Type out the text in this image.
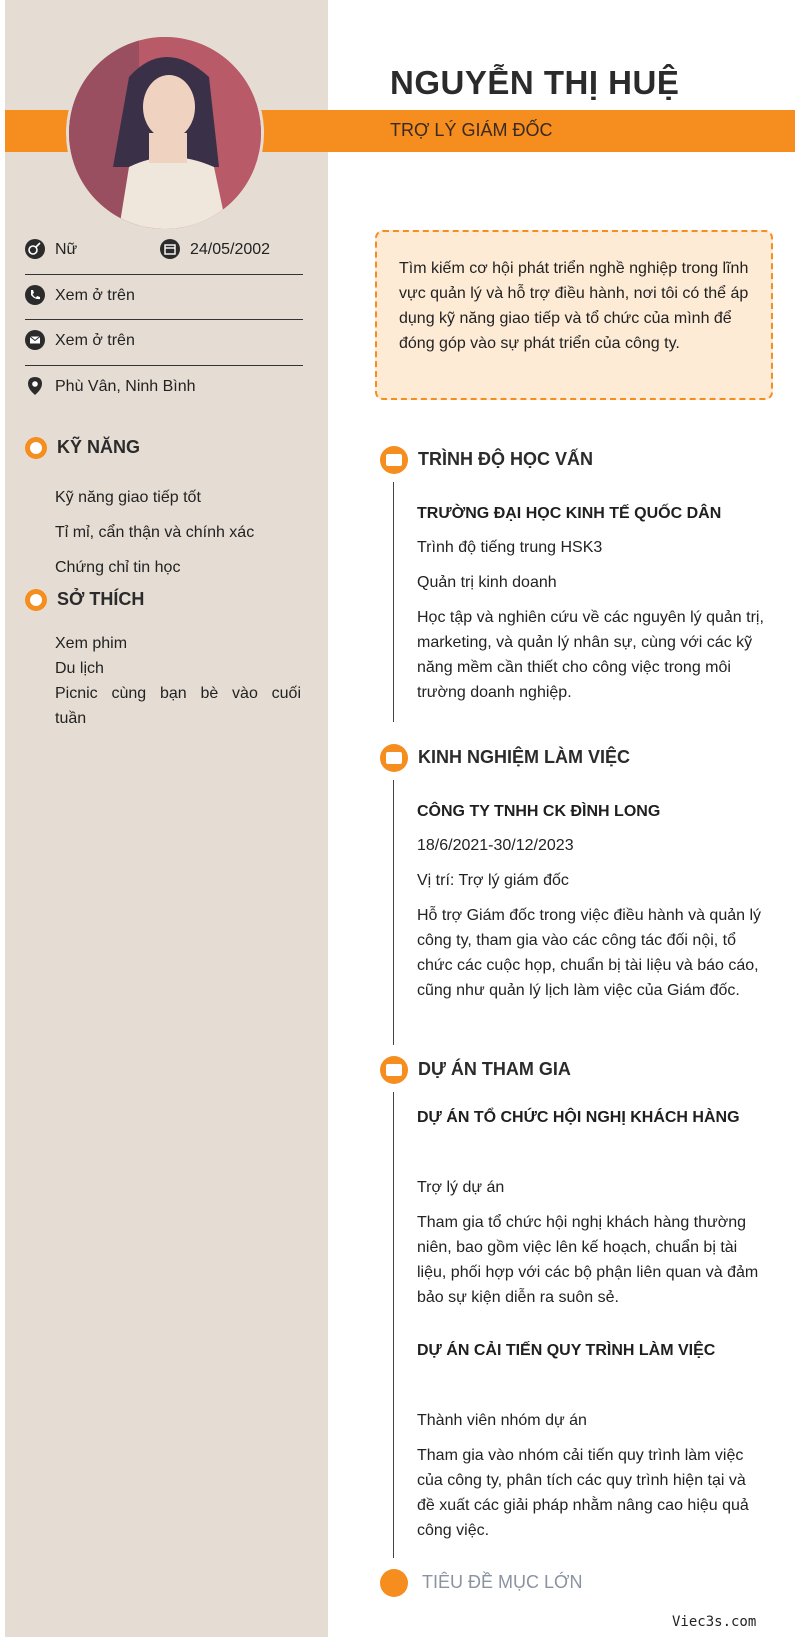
NGUYỄN THỊ HUỆ
TRỢ LÝ GIÁM ĐỐC
Nữ	24/05/2002
Xem ở trên
Xem ở trên
Phù Vân, Ninh Bình
KỸ NĂNG
Kỹ năng giao tiếp tốt
Tỉ mỉ, cẩn thận và chính xác
Chứng chỉ tin học
SỞ THÍCH
Xem phim
Du lịch
Picnic cùng bạn bè vào cuối tuần
Tìm kiếm cơ hội phát triển nghề nghiệp trong lĩnh vực quản lý và hỗ trợ điều hành, nơi tôi có thể áp dụng kỹ năng giao tiếp và tổ chức của mình để đóng góp vào sự phát triển của công ty.
TRÌNH ĐỘ HỌC VẤN
TRƯỜNG ĐẠI HỌC KINH TẾ QUỐC DÂN
Trình độ tiếng trung HSK3
Quản trị kinh doanh
Học tập và nghiên cứu về các nguyên lý quản trị, marketing, và quản lý nhân sự, cùng với các kỹ năng mềm cần thiết cho công việc trong môi trường doanh nghiệp.
KINH NGHIỆM LÀM VIỆC
CÔNG TY TNHH CK ĐÌNH LONG
18/6/2021-30/12/2023
Vị trí: Trợ lý giám đốc
Hỗ trợ Giám đốc trong việc điều hành và quản lý công ty, tham gia vào các công tác đối nội, tổ chức các cuộc họp, chuẩn bị tài liệu và báo cáo, cũng như quản lý lịch làm việc của Giám đốc.
DỰ ÁN THAM GIA
DỰ ÁN TỔ CHỨC HỘI NGHỊ KHÁCH HÀNG
Trợ lý dự án
Tham gia tổ chức hội nghị khách hàng thường niên, bao gồm việc lên kế hoạch, chuẩn bị tài liệu, phối hợp với các bộ phận liên quan và đảm bảo sự kiện diễn ra suôn sẻ.
DỰ ÁN CẢI TIẾN QUY TRÌNH LÀM VIỆC
Thành viên nhóm dự án
Tham gia vào nhóm cải tiến quy trình làm việc của công ty, phân tích các quy trình hiện tại và đề xuất các giải pháp nhằm nâng cao hiệu quả công việc.
TIÊU ĐỀ MỤC LỚN
Viec3s.com
